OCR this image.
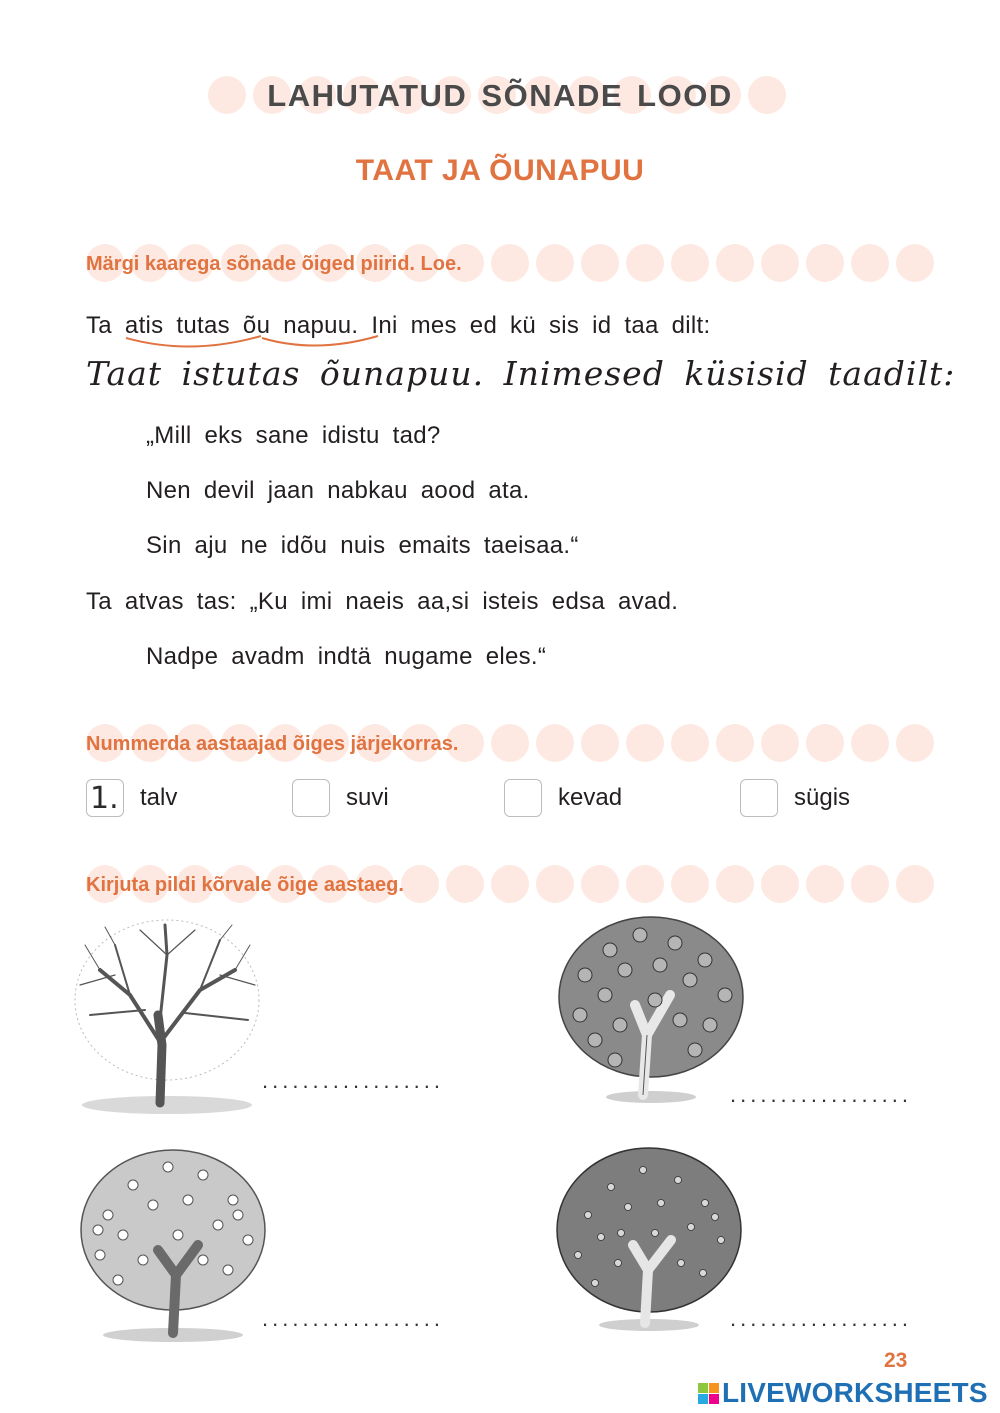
LAHUTATUD SÕNADE LOOD
TAAT JA ÕUNAPUU
Märgi kaarega sõnade õiged piirid. Loe.
Ta atis tutas õu napuu. Ini mes ed kü sis id taa dilt:
Taat istutas õunapuu. Inimesed küsisid taadilt:
„Mill eks sane idistu tad?
Nen devil jaan nabkau aood ata.
Sin aju ne idõu nuis emaits taeisaa.“
Ta atvas tas: „Ku imi naeis aa,si isteis edsa avad.
Nadpe avadm indtä nugame eles.“
Nummerda aastaajad õiges järjekorras.
1. talv	suvi	kevad	sügis
Kirjuta pildi kõrvale õige aastaeg.
..................
..................
..................	..................
23
LIVEWORKSHEETS
